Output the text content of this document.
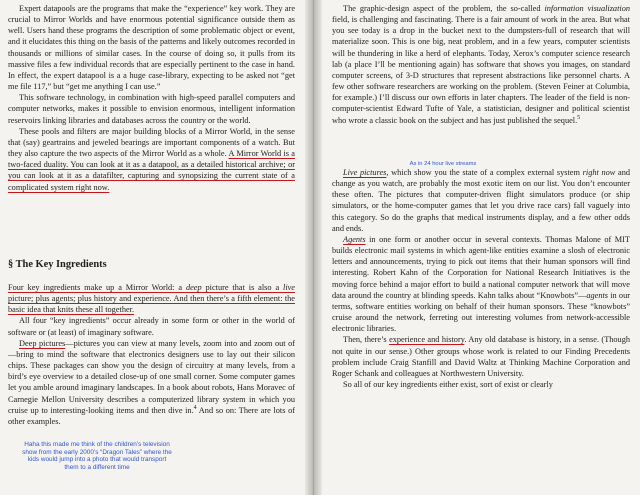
Expert datapools are the programs that make the “experience” key work. They are crucial to Mirror Worlds and have enormous potential significance outside them as well. Users hand these programs the description of some problematic object or event, and it elucidates this thing on the basis of the patterns and likely outcomes recorded in thousands or millions of similar cases. In the course of doing so, it pulls from its massive files a few individual records that are especially pertinent to the case in hand. In effect, the expert datapool is a a huge case-library, expecting to be asked not “get me file 117,” but “get me anything I can use.”

This software technology, in combination with high-speed parallel computers and computer networks, makes it possible to envision enormous, intelligent information reservoirs linking libraries and databases across the country or the world.

These pools and filters are major building blocks of a Mirror World, in the sense that (say) geartrains and jeweled bearings are important components of a watch. But they also capture the two aspects of the Mirror World as a whole. A Mirror World is a two-faced duality. You can look at it as a datapool, as a detailed historical archive; or you can look at it as a datafilter, capturing and synopsizing the current state of a complicated system right now.

§ The Key Ingredients

Four key ingredients make up a Mirror World: a deep picture that is also a live picture; plus agents; plus history and experience. And then there’s a fifth element: the basic idea that knits these all together.

All four “key ingredients” occur already in some form or other in the world of software or (at least) of imaginary software.

Deep pictures—pictures you can view at many levels, zoom into and zoom out of—bring to mind the software that electronics designers use to lay out their silicon chips. These packages can show you the design of circuitry at many levels, from a bird’s eye overview to a detailed close-up of one small corner. Some computer games let you amble around imaginary landscapes. In a book about robots, Hans Moravec of Carnegie Mellon University describes a computerized library system in which you cruise up to interesting-looking items and then dive in.$^4$ And so on: There are lots of other examples.

Haha this made me think of the children’s television show from the early 2000’s “Dragon Tales” where the kids would jump into a photo that would transport them to a different time

The graphic-design aspect of the problem, the so-called information visualization field, is challenging and fascinating. There is a fair amount of work in the area. But what you see today is a drop in the bucket next to the dumpsters-full of research that will materialize soon. This is one big, neat problem, and in a few years, computer scientists will be thundering in like a herd of elephants. Today, Xerox’s computer science research lab (a place I’ll be mentioning again) has software that shows you images, on standard computer screens, of 3-D structures that represent abstractions like personnel charts. A few other software researchers are working on the problem. (Steven Feiner at Columbia, for example.) I’ll discuss our own efforts in later chapters. The leader of the field is non-computer-scientist Edward Tufte of Yale, a statistician, designer and political scientist who wrote a classic book on the subject and has just published the sequel.$^5$

Live pictures, which show you the state of a complex external system right now and change as you watch, are probably the most exotic item on our list. You don’t encounter these often. The pictures that computer-driven flight simulators produce (or ship simulators, or the home-computer games that let you drive race cars) fall vaguely into this category. So do the graphs that medical instruments display, and a few other odds and ends.

Agents in one form or another occur in several contexts. Thomas Malone of MIT builds electronic mail systems in which agent-like entities examine a slosh of electronic letters and announcements, trying to pick out items that their human sponsors will find interesting. Robert Kahn of the Corporation for National Research Initiatives is the moving force behind a major effort to build a national computer network that will move data around the country at blinding speeds. Kahn talks about “Knowbots”—agents in our terms, software entities working on behalf of their human sponsors. These “knowbots” cruise around the network, ferreting out interesting volumes from network-accessible electronic libraries.

Then, there’s experience and history. Any old database is history, in a sense. (Though not quite in our sense.) Other groups whose work is related to our Finding Precedents problem include Craig Stanfill and David Waltz at Thinking Machine Corporation and Roger Schank and colleagues at Northwestern University.

So all of our key ingredients either exist, sort of exist or clearly

As in 24 hour live streams
